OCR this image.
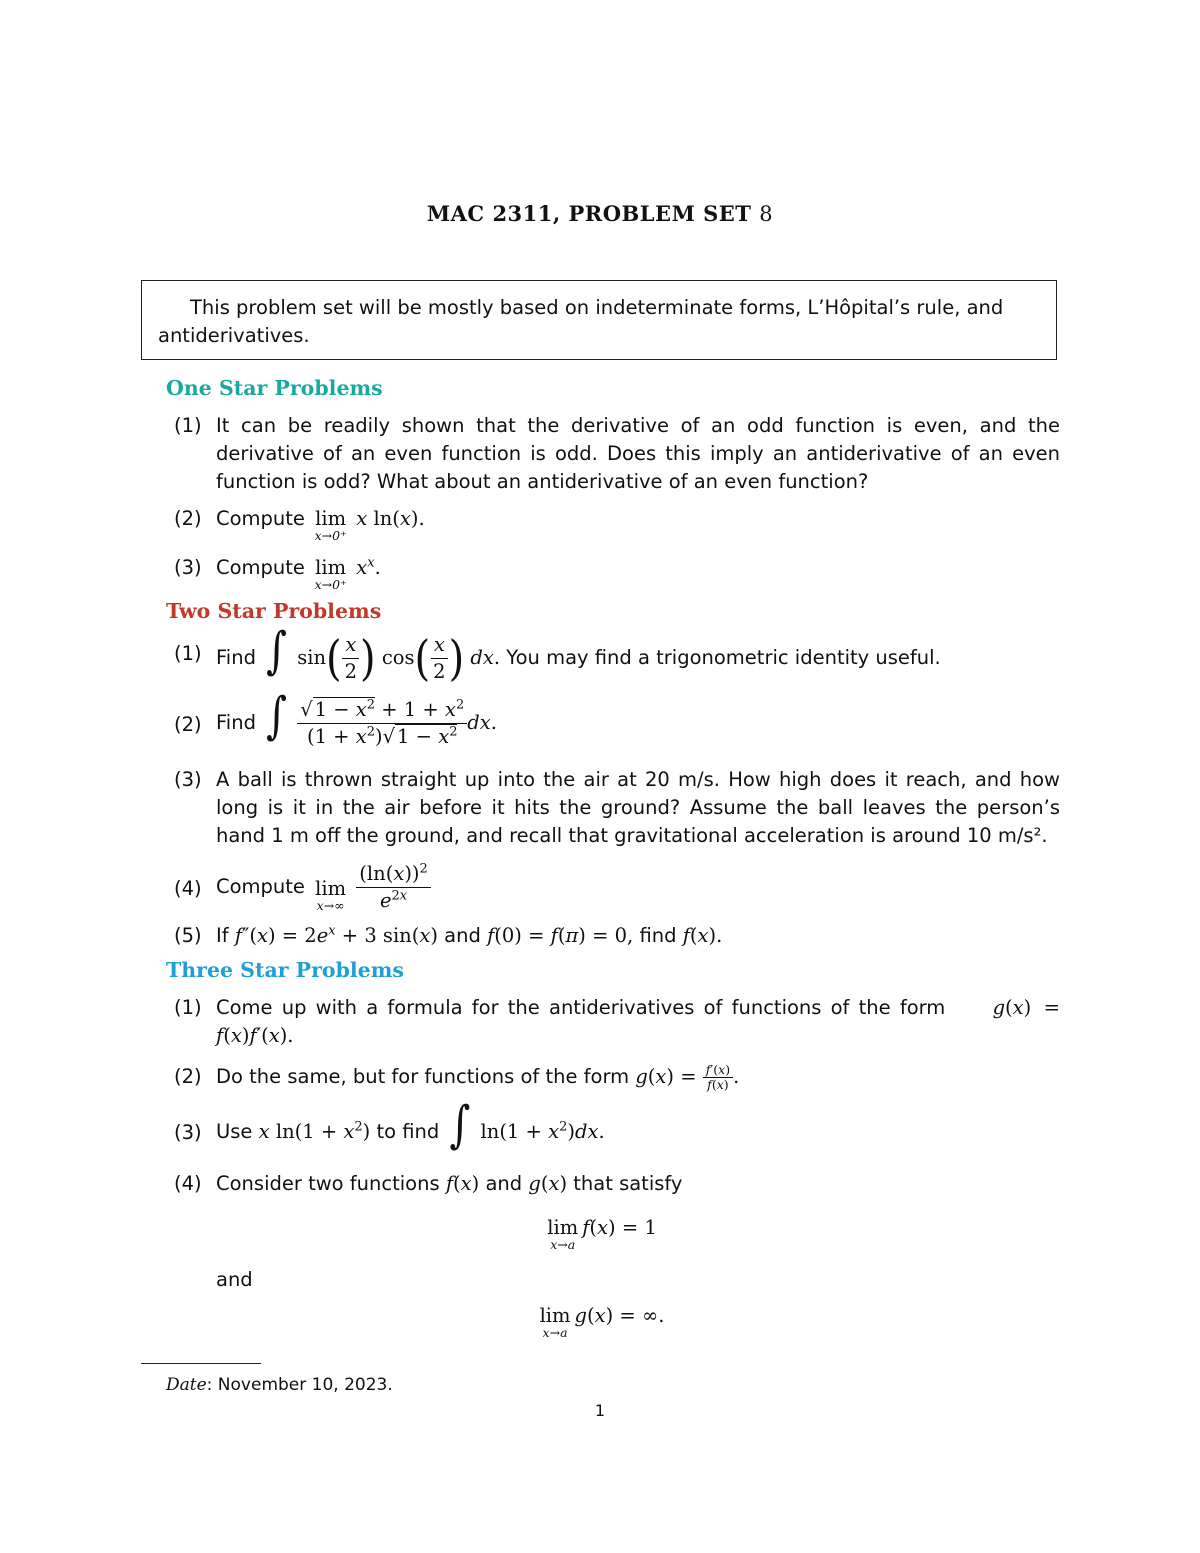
MAC 2311, PROBLEM SET 8
This problem set will be mostly based on indeterminate forms, L’Hôpital’s rule, and antiderivatives.
One Star Problems
(1) It can be readily shown that the derivative of an odd function is even, and the derivative of an even function is odd. Does this imply an antiderivative of an even function is odd? What about an antiderivative of an even function?
(2) Compute lim
x→0⁺
x ln(x).
(3) Compute lim
x→0⁺
$x^x$.
Two Star Problems
(1) Find ∫ $\sin( \frac{x}{2}$ ) $\cos( \frac{x}{2}$ ) dx. You may find a trigonometric identity useful.
(2) Find ∫ $\frac{√ 1 - x^2 + 1 + x^2}{(1 + x^2)√ 1 - x^2}$ dx.
(3) A ball is thrown straight up into the air at 20 m/s. How high does it reach, and how long is it in the air before it hits the ground? Assume the ball leaves the person’s hand 1 m off the ground, and recall that gravitational acceleration is around 10 m/s².
(4) Compute lim
x→∞
$\frac{(\ln(x))^2}{e^{2x}}$
(5) If $f''(x) = 2e^x + 3$ sin(x) and f(0) = f(π) = 0, find f(x).
Three Star Problems
(1) Come up with a formula for the antiderivatives of functions of the form g(x)  =
f(x)f′(x).
(2) Do the same, but for functions of the form $g(x) = \frac{f'(x)}{f(x)}$ .
(3) Use x $\ln(1 + x^2)$ to find ∫ $\ln(1 + x^2)dx$.
(4) Consider two functions f(x) and g(x) that satisfy
lim
x→a
f(x) = 1
and
lim
x→a
g(x) = ∞.
Date: November 10, 2023.
1
